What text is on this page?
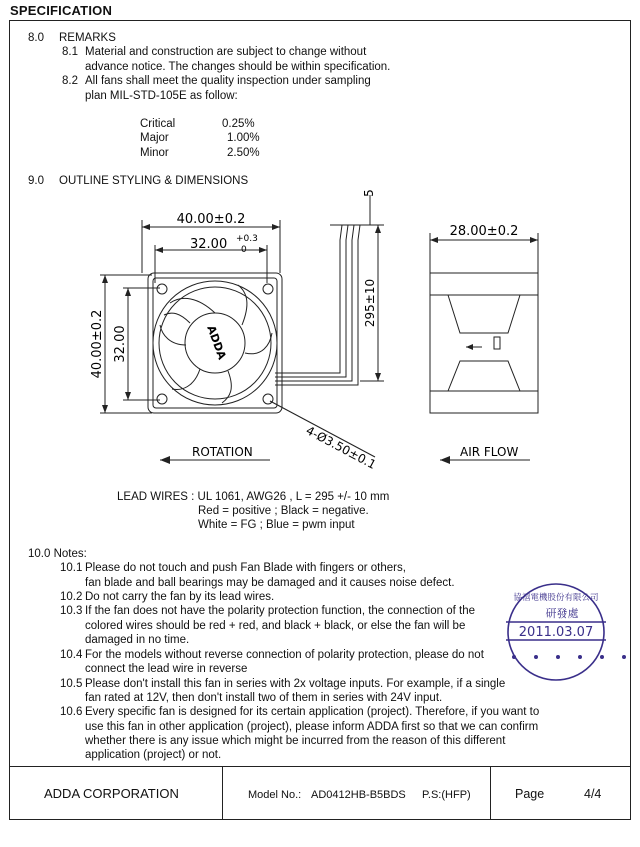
SPECIFICATION
8.0 REMARKS
8.1 Material and construction are subject to change without
advance notice. The changes should be within specification.
8.2 All fans shall meet the quality inspection under sampling
plan MIL-STD-105E as follow:
Critical	0.25%
Major	1.00%
Minor	2.50%
9.0 OUTLINE STYLING & DIMENSIONS
ADDA
40.00±0.2
32.00 +0.3
0
40.00±0.2 32.00
295±10
5
4-Ø3.50±0.1
28.00±0.2
ROTATION	AIR FLOW
LEAD WIRES : UL 1061, AWG26 , L = 295 +/- 10 mm
Red = positive ; Black = negative.
White = FG ; Blue = pwm input
10.0 Notes:
10.1 Please do not touch and push Fan Blade with fingers or others,
fan blade and ball bearings may be damaged and it causes noise defect.
10.2 Do not carry the fan by its lead wires.
10.3 If the fan does not have the polarity protection function, the connection of the
colored wires should be red + red, and black + black, or else the fan will be
damaged in no time.
10.4 For the models without reverse connection of polarity protection, please do not
connect the lead wire in reverse
10.5 Please don't install this fan in series with 2x voltage inputs. For example, if a single
fan rated at 12V, then don't install two of them in series with 24V input.
10.6 Every specific fan is designed for its certain application (project). Therefore, if you want to
use this fan in other application (project), please inform ADDA first so that we can confirm
whether there is any issue which might be incurred from the reason of this different
application (project) or not.
協禧電機股份有限公司
研發處
2011.03.07
ADDA CORPORATION	Model No.: AD0412HB-B5BDS P.S:(HFP)	Page	4/4
